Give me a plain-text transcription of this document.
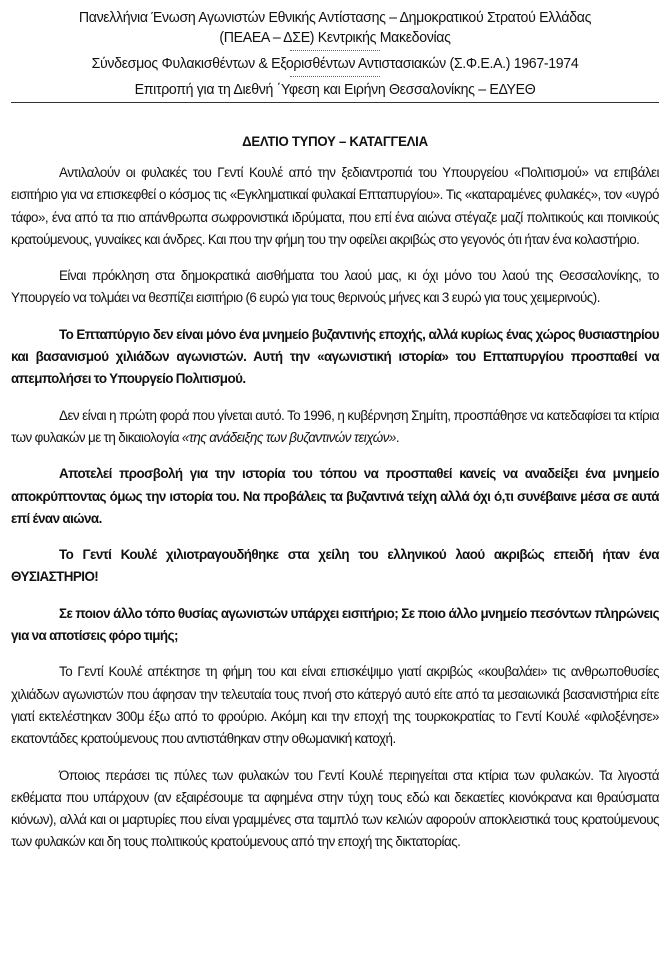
Πανελλήνια Ένωση Αγωνιστών Εθνικής Αντίστασης – Δημοκρατικού Στρατού Ελλάδας
(ΠΕΑΕΑ – ΔΣΕ) Κεντρικής Μακεδονίας
Σύνδεσμος Φυλακισθέντων & Εξορισθέντων Αντιστασιακών (Σ.Φ.Ε.Α.) 1967-1974
Επιτροπή για τη Διεθνή ΄Υφεση και Ειρήνη Θεσσαλονίκης – ΕΔΥΕΘ
ΔΕΛΤΙΟ ΤΥΠΟΥ – ΚΑΤΑΓΓΕΛΙΑ

Αντιλαλούν οι φυλακές του Γεντί Κουλέ από την ξεδιαντροπιά του Υπουργείου «Πολιτισμού» να επιβάλει εισιτήριο για να επισκεφθεί ο κόσμος τις «Εγκληματικαί φυλακαί Επταπυργίου». Τις «καταραμένες φυλακές», τον «υγρό τάφο», ένα από τα πιο απάνθρωπα σωφρονιστικά ιδρύματα, που επί ένα αιώνα στέγαζε μαζί πολιτικούς και ποινικούς κρατούμενους, γυναίκες και άνδρες. Και που την φήμη του την οφείλει ακριβώς στο γεγονός ότι ήταν ένα κολαστήριο.

Είναι πρόκληση στα δημοκρατικά αισθήματα του λαού μας, κι όχι μόνο του λαού της Θεσσαλονίκης, το Υπουργείο να τολμάει να θεσπίζει εισιτήριο (6 ευρώ για τους θερινούς μήνες και 3 ευρώ για τους χειμερινούς).

Το Επταπύργιο δεν είναι μόνο ένα μνημείο βυζαντινής εποχής, αλλά κυρίως ένας χώρος θυσιαστηρίου και βασανισμού χιλιάδων αγωνιστών. Αυτή την «αγωνιστική ιστορία» του Επταπυργίου προσπαθεί να απεμπολήσει το Υπουργείο Πολιτισμού.

Δεν είναι η πρώτη φορά που γίνεται αυτό. Το 1996, η κυβέρνηση Σημίτη, προσπάθησε να κατεδαφίσει τα κτίρια των φυλακών με τη δικαιολογία «της ανάδειξης των βυζαντινών τειχών».

Αποτελεί προσβολή για την ιστορία του τόπου να προσπαθεί κανείς να αναδείξει ένα μνημείο αποκρύπτοντας όμως την ιστορία του. Να προβάλεις τα βυζαντινά τείχη αλλά όχι ό,τι συνέβαινε μέσα σε αυτά επί έναν αιώνα.

Το Γεντί Κουλέ χιλιοτραγουδήθηκε στα χείλη του ελληνικού λαού ακριβώς επειδή ήταν ένα ΘΥΣΙΑΣΤΗΡΙΟ!

Σε ποιον άλλο τόπο θυσίας αγωνιστών υπάρχει εισιτήριο; Σε ποιο άλλο μνημείο πεσόντων πληρώνεις για να αποτίσεις φόρο τιμής;

Το Γεντί Κουλέ απέκτησε τη φήμη του και είναι επισκέψιμο γιατί ακριβώς «κουβαλάει» τις ανθρωποθυσίες χιλιάδων αγωνιστών που άφησαν την τελευταία τους πνοή στο κάτεργό αυτό είτε από τα μεσαιωνικά βασανιστήρια είτε γιατί εκτελέστηκαν 300μ έξω από το φρούριο. Ακόμη και την εποχή της τουρκοκρατίας το Γεντί Κουλέ «φιλοξένησε» εκατοντάδες κρατούμενους που αντιστάθηκαν στην οθωμανική κατοχή.

Όποιος περάσει τις πύλες των φυλακών του Γεντί Κουλέ περιηγείται στα κτίρια των φυλακών. Τα λιγοστά εκθέματα που υπάρχουν (αν εξαιρέσουμε τα αφημένα στην τύχη τους εδώ και δεκαετίες κιονόκρανα και θραύσματα κιόνων), αλλά και οι μαρτυρίες που είναι γραμμένες στα ταμπλό των κελιών αφορούν αποκλειστικά τους κρατούμενους των φυλακών και δη τους πολιτικούς κρατούμενους από την εποχή της δικτατορίας.
